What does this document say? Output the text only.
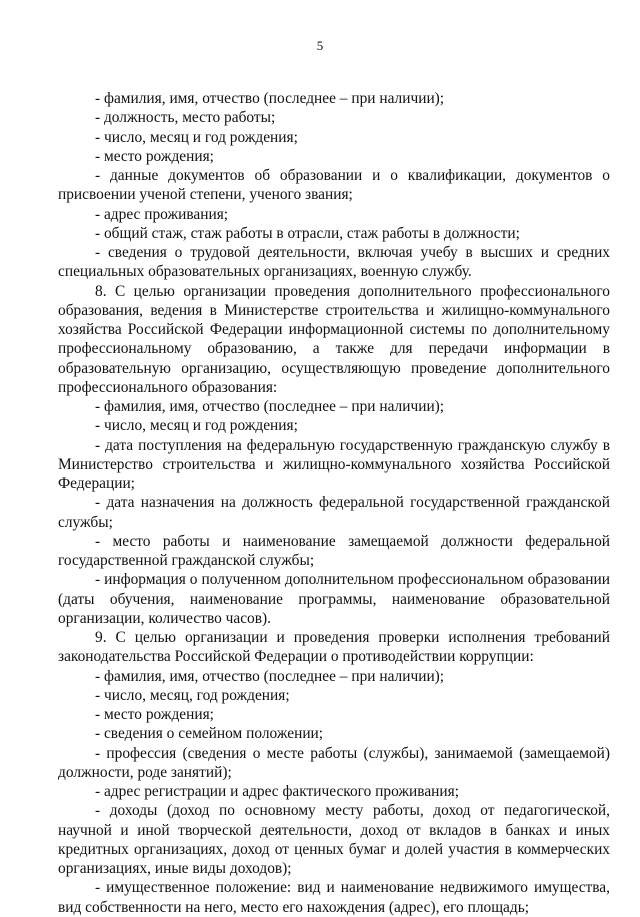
5

- фамилия, имя, отчество (последнее – при наличии);

- должность, место работы;

- число, месяц и год рождения;

- место рождения;

- данные документов об образовании и о квалификации, документов о присвоении ученой степени, ученого звания;

- адрес проживания;

- общий стаж, стаж работы в отрасли, стаж работы в должности;

- сведения о трудовой деятельности, включая учебу в высших и средних специальных образовательных организациях, военную службу.

8. С целью организации проведения дополнительного профессионального образования, ведения в Министерстве строительства и жилищно-коммунального хозяйства Российской Федерации информационной системы по дополнительному профессиональному образованию, а также для передачи информации в образовательную организацию, осуществляющую проведение дополнительного профессионального образования:

- фамилия, имя, отчество (последнее – при наличии);

- число, месяц и год рождения;

- дата поступления на федеральную государственную гражданскую службу в Министерство строительства и жилищно-коммунального хозяйства Российской Федерации;

- дата назначения на должность федеральной государственной гражданской службы;

- место работы и наименование замещаемой должности федеральной государственной гражданской службы;

- информация о полученном дополнительном профессиональном образовании (даты обучения, наименование программы, наименование образовательной организации, количество часов).

9. С целью организации и проведения проверки исполнения требований законодательства Российской Федерации о противодействии коррупции:

- фамилия, имя, отчество (последнее – при наличии);

- число, месяц, год рождения;

- место рождения;

- сведения о семейном положении;

- профессия (сведения о месте работы (службы), занимаемой (замещаемой) должности, роде занятий);

- адрес регистрации и адрес фактического проживания;

- доходы (доход по основному месту работы, доход от педагогической, научной и иной творческой деятельности, доход от вкладов в банках и иных кредитных организациях, доход от ценных бумаг и долей участия в коммерческих организациях, иные виды доходов);

- имущественное положение: вид и наименование недвижимого имущества, вид собственности на него, место его нахождения (адрес), его площадь;
